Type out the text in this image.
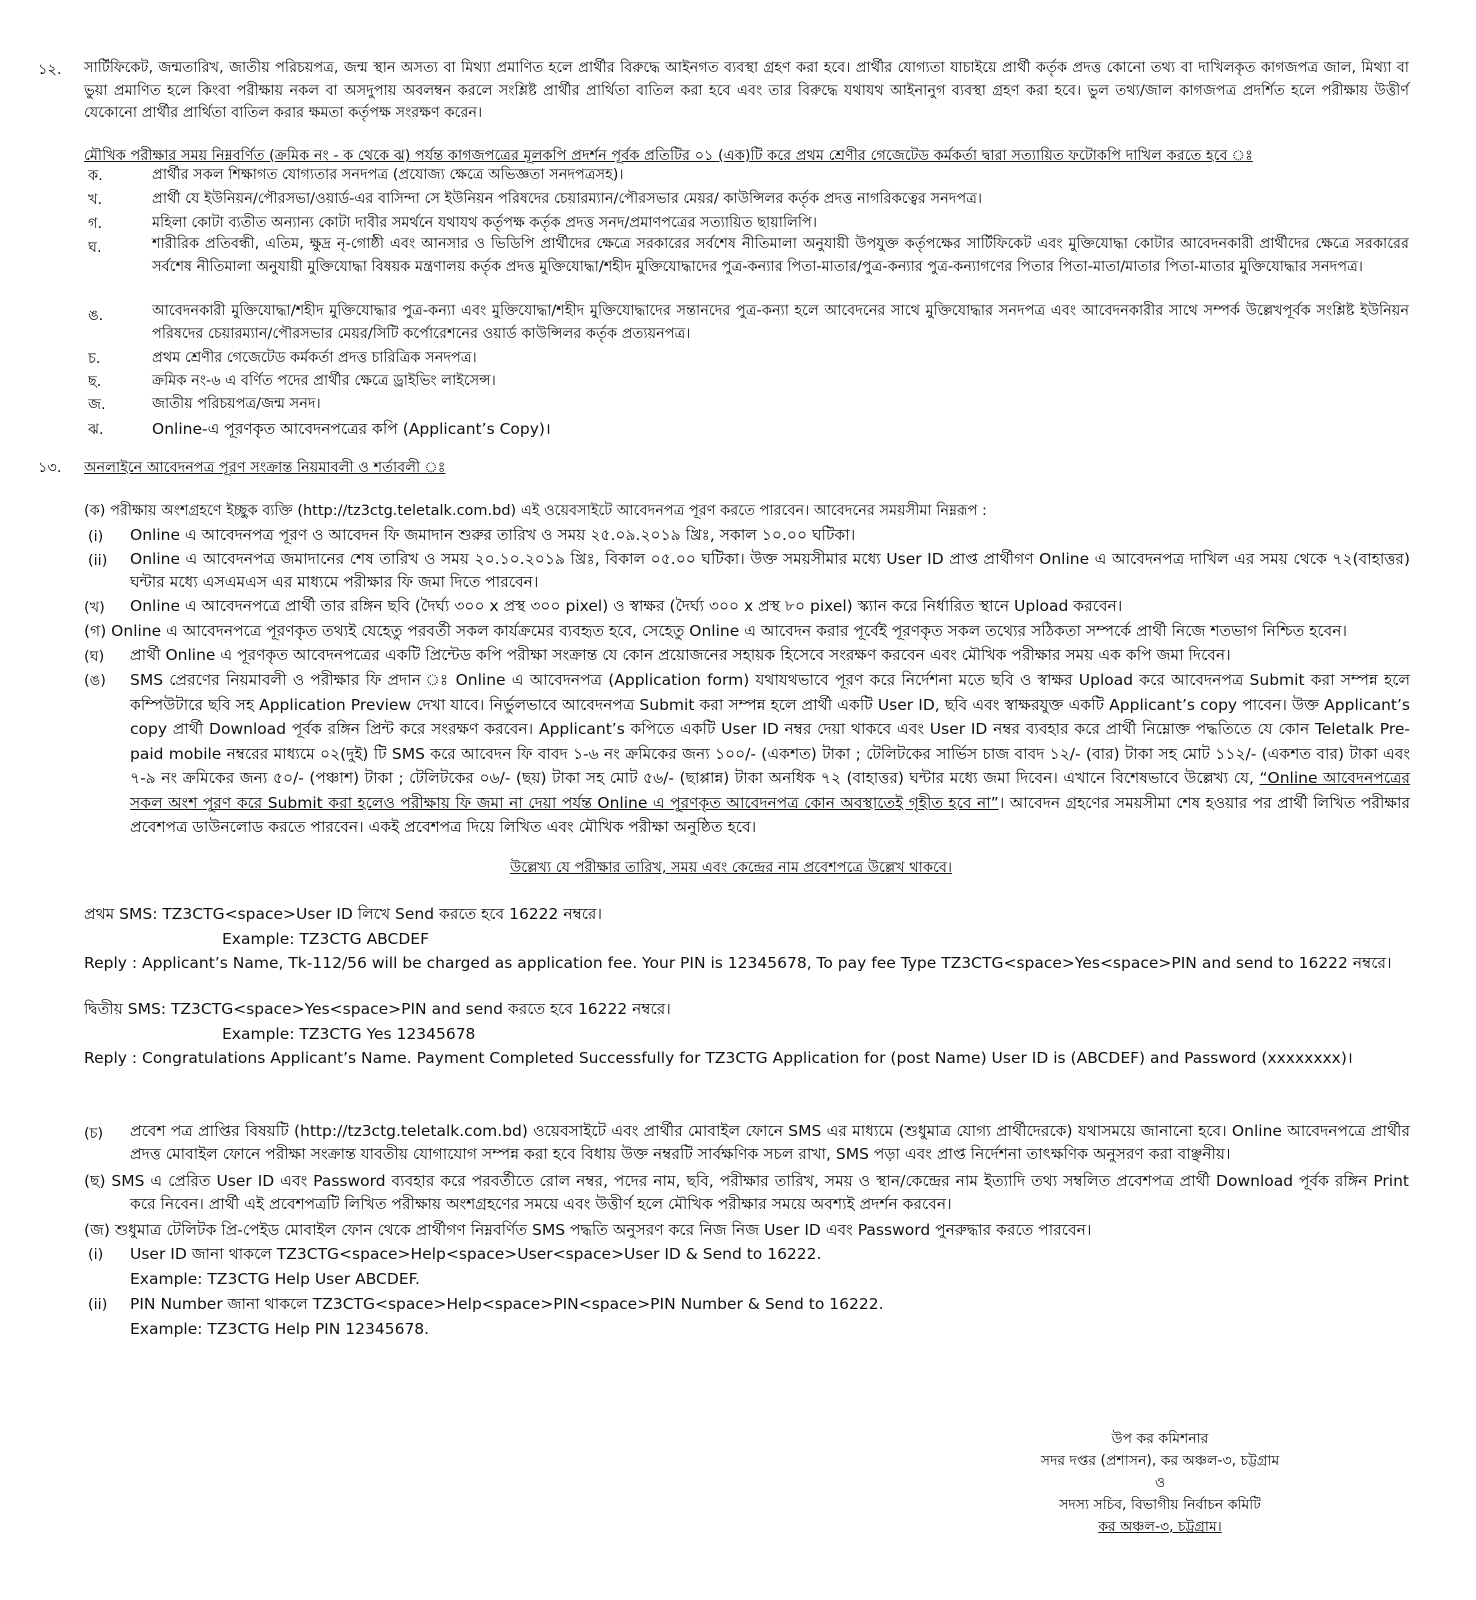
১২. সার্টিফিকেট, জন্মতারিখ, জাতীয় পরিচয়পত্র, জন্ম স্থান অসত্য বা মিথ্যা প্রমাণিত হলে প্রার্থীর বিরুদ্ধে আইনগত ব্যবস্থা গ্রহণ করা হবে। প্রার্থীর যোগ্যতা যাচাইয়ে প্রার্থী কর্তৃক প্রদত্ত কোনো তথ্য বা দাখিলকৃত কাগজপত্র জাল, মিথ্যা বা ভুয়া প্রমাণিত হলে কিংবা পরীক্ষায় নকল বা অসদুপায় অবলম্বন করলে সংশ্লিষ্ট প্রার্থীর প্রার্থিতা বাতিল করা হবে এবং তার বিরুদ্ধে যথাযথ আইনানুগ ব্যবস্থা গ্রহণ করা হবে। ভুল তথ্য/জাল কাগজপত্র প্রদর্শিত হলে পরীক্ষায় উত্তীর্ণ যেকোনো প্রার্থীর প্রার্থিতা বাতিল করার ক্ষমতা কর্তৃপক্ষ সংরক্ষণ করেন।
মৌখিক পরীক্ষার সময় নিম্নবর্ণিত (ক্রমিক নং - ক থেকে ঝ) পর্যন্ত কাগজপত্রের মূলকপি প্রদর্শন পূর্বক প্রতিটির ০১ (এক)টি করে প্রথম শ্রেণীর গেজেটেড কর্মকর্তা দ্বারা সত্যায়িত ফটোকপি দাখিল করতে হবে ঃ
ক.	প্রার্থীর সকল শিক্ষাগত যোগ্যতার সনদপত্র (প্রযোজ্য ক্ষেত্রে অভিজ্ঞতা সনদপত্রসহ)।
খ.	প্রার্থী যে ইউনিয়ন/পৌরসভা/ওয়ার্ড-এর বাসিন্দা সে ইউনিয়ন পরিষদের চেয়ারম্যান/পৌরসভার মেয়র/ কাউন্সিলর কর্তৃক প্রদত্ত নাগরিকত্বের সনদপত্র।
গ.	মহিলা কোটা ব্যতীত অন্যান্য কোটা দাবীর সমর্থনে যথাযথ কর্তৃপক্ষ কর্তৃক প্রদত্ত সনদ/প্রমাণপত্রের সত্যায়িত ছায়ালিপি।
ঘ.	শারীরিক প্রতিবন্ধী, এতিম, ক্ষুদ্র নৃ-গোষ্ঠী এবং আনসার ও ভিডিপি প্রার্থীদের ক্ষেত্রে সরকারের সর্বশেষ নীতিমালা অনুযায়ী উপযুক্ত কর্তৃপক্ষের সার্টিফিকেট এবং মুক্তিযোদ্ধা কোটার আবেদনকারী প্রার্থীদের ক্ষেত্রে সরকারের সর্বশেষ নীতিমালা অনুযায়ী মুক্তিযোদ্ধা বিষয়ক মন্ত্রণালয় কর্তৃক প্রদত্ত মুক্তিযোদ্ধা/শহীদ মুক্তিযোদ্ধাদের পুত্র-কন্যার পিতা-মাতার/পুত্র-কন্যার পুত্র-কন্যাগণের পিতার পিতা-মাতা/মাতার পিতা-মাতার মুক্তিযোদ্ধার সনদপত্র।
ঙ.	আবেদনকারী মুক্তিযোদ্ধা/শহীদ মুক্তিযোদ্ধার পুত্র-কন্যা এবং মুক্তিযোদ্ধা/শহীদ মুক্তিযোদ্ধাদের সন্তানদের পুত্র-কন্যা হলে আবেদনের সাথে মুক্তিযোদ্ধার সনদপত্র এবং আবেদনকারীর সাথে সম্পর্ক উল্লেখপূর্বক সংশ্লিষ্ট ইউনিয়ন পরিষদের চেয়ারম্যান/পৌরসভার মেয়র/সিটি কর্পোরেশনের ওয়ার্ড কাউন্সিলর কর্তৃক প্রত্যয়নপত্র।
চ.	প্রথম শ্রেণীর গেজেটেড কর্মকর্তা প্রদত্ত চারিত্রিক সনদপত্র।
ছ.	ক্রমিক নং-৬ এ বর্ণিত পদের প্রার্থীর ক্ষেত্রে ড্রাইভিং লাইসেন্স।
জ.	জাতীয় পরিচয়পত্র/জন্ম সনদ।
ঝ.	Online-এ পূরণকৃত আবেদনপত্রের কপি (Applicant’s Copy)।
১৩. অনলাইনে আবেদনপত্র পূরণ সংক্রান্ত নিয়মাবলী ও শর্তাবলী ঃ
(ক) পরীক্ষায় অংশগ্রহণে ইচ্ছুক ব্যক্তি (http://tz3ctg.teletalk.com.bd) এই ওয়েবসাইটে আবেদনপত্র পূরণ করতে পারবেন। আবেদনের সময়সীমা নিম্নরূপ :
(i) Online এ আবেদনপত্র পূরণ ও আবেদন ফি জমাদান শুরুর তারিখ ও সময় ২৫.০৯.২০১৯ খ্রিঃ, সকাল ১০.০০ ঘটিকা।
(ii) Online এ আবেদনপত্র জমাদানের শেষ তারিখ ও সময় ২০.১০.২০১৯ খ্রিঃ, বিকাল ০৫.০০ ঘটিকা। উক্ত সময়সীমার মধ্যে User ID প্রাপ্ত প্রার্থীগণ Online এ আবেদনপত্র দাখিল এর সময় থেকে ৭২(বাহাত্তর) ঘন্টার মধ্যে এসএমএস এর মাধ্যমে পরীক্ষার ফি জমা দিতে পারবেন।
(খ) Online এ আবেদনপত্রে প্রার্থী তার রঙ্গিন ছবি (দৈর্ঘ্য ৩০০ x প্রস্থ ৩০০ pixel) ও স্বাক্ষর (দৈর্ঘ্য ৩০০ x প্রস্থ ৮০ pixel) স্ক্যান করে নির্ধারিত স্থানে Upload করবেন।
(গ) Online এ আবেদনপত্রে পূরণকৃত তথ্যই যেহেতু পরবর্তী সকল কার্যক্রমের ব্যবহৃত হবে, সেহেতু Online এ আবেদন করার পূর্বেই পূরণকৃত সকল তথ্যের সঠিকতা সম্পর্কে প্রার্থী নিজে শতভাগ নিশ্চিত হবেন।
(ঘ) প্রার্থী Online এ পূরণকৃত আবেদনপত্রের একটি প্রিন্টেড কপি পরীক্ষা সংক্রান্ত যে কোন প্রয়োজনের সহায়ক হিসেবে সংরক্ষণ করবেন এবং মৌখিক পরীক্ষার সময় এক কপি জমা দিবেন।
(ঙ) SMS প্রেরণের নিয়মাবলী ও পরীক্ষার ফি প্রদান ঃ Online এ আবেদনপত্র (Application form) যথাযথভাবে পূরণ করে নির্দেশনা মতে ছবি ও স্বাক্ষর Upload করে আবেদনপত্র Submit করা সম্পন্ন হলে কম্পিউটারে ছবি সহ Application Preview দেখা যাবে। নির্ভুলভাবে আবেদনপত্র Submit করা সম্পন্ন হলে প্রার্থী একটি User ID, ছবি এবং স্বাক্ষরযুক্ত একটি Applicant’s copy পাবেন। উক্ত Applicant’s copy প্রার্থী Download পূর্বক রঙ্গিন প্রিন্ট করে সংরক্ষণ করবেন। Applicant’s কপিতে একটি User ID নম্বর দেয়া থাকবে এবং User ID নম্বর ব্যবহার করে প্রার্থী নিম্নোক্ত পদ্ধতিতে যে কোন Teletalk Pre-paid mobile নম্বরের মাধ্যমে ০২(দুই) টি SMS করে আবেদন ফি বাবদ ১-৬ নং ক্রমিকের জন্য ১০০/- (একশত) টাকা ; টেলিটকের সার্ভিস চাজ বাবদ ১২/- (বার) টাকা সহ মোট ১১২/- (একশত বার) টাকা এবং ৭-৯ নং ক্রমিকের জন্য ৫০/- (পঞ্চাশ) টাকা ; টেলিটকের ০৬/- (ছয়) টাকা সহ মোট ৫৬/- (ছাপ্পান্ন) টাকা অনধিক ৭২ (বাহাত্তর) ঘন্টার মধ্যে জমা দিবেন। এখানে বিশেষভাবে উল্লেখ্য যে, “Online আবেদনপত্রের সকল অংশ পূরণ করে Submit করা হলেও পরীক্ষায় ফি জমা না দেয়া পর্যন্ত Online এ পূরণকৃত আবেদনপত্র কোন অবস্থাতেই গৃহীত হবে না”। আবেদন গ্রহণের সময়সীমা শেষ হওয়ার পর প্রার্থী লিখিত পরীক্ষার প্রবেশপত্র ডাউনলোড করতে পারবেন। একই প্রবেশপত্র দিয়ে লিখিত এবং মৌখিক পরীক্ষা অনুষ্ঠিত হবে।
উল্লেখ্য যে পরীক্ষার তারিখ, সময় এবং কেন্দ্রের নাম প্রবেশপত্রে উল্লেখ থাকবে।
প্রথম SMS: TZ3CTG<space>User ID লিখে Send করতে হবে 16222 নম্বরে।
Example: TZ3CTG ABCDEF
Reply : Applicant’s Name, Tk-112/56 will be charged as application fee. Your PIN is 12345678, To pay fee Type TZ3CTG<space>Yes<space>PIN and send to 16222 নম্বরে।
দ্বিতীয় SMS: TZ3CTG<space>Yes<space>PIN and send করতে হবে 16222 নম্বরে।
Example: TZ3CTG Yes 12345678
Reply : Congratulations Applicant’s Name. Payment Completed Successfully for TZ3CTG Application for (post Name) User ID is (ABCDEF) and Password (xxxxxxxx)।
(চ) প্রবেশ পত্র প্রাপ্তির বিষয়টি (http://tz3ctg.teletalk.com.bd) ওয়েবসাইটে এবং প্রার্থীর মোবাইল ফোনে SMS এর মাধ্যমে (শুধুমাত্র যোগ্য প্রার্থীদেরকে) যথাসময়ে জানানো হবে। Online আবেদনপত্রে প্রার্থীর প্রদত্ত মোবাইল ফোনে পরীক্ষা সংক্রান্ত যাবতীয় যোগাযোগ সম্পন্ন করা হবে বিধায় উক্ত নম্বরটি সার্বক্ষণিক সচল রাখা, SMS পড়া এবং প্রাপ্ত নির্দেশনা তাৎক্ষণিক অনুসরণ করা বাঞ্ছনীয়।
(ছ) SMS এ প্রেরিত User ID এবং Password ব্যবহার করে পরবর্তীতে রোল নম্বর, পদের নাম, ছবি, পরীক্ষার তারিখ, সময় ও স্থান/কেন্দ্রের নাম ইত্যাদি তথ্য সম্বলিত প্রবেশপত্র প্রার্থী Download পূর্বক রঙ্গিন Print করে নিবেন। প্রার্থী এই প্রবেশপত্রটি লিখিত পরীক্ষায় অংশগ্রহণের সময়ে এবং উত্তীর্ণ হলে মৌখিক পরীক্ষার সময়ে অবশ্যই প্রদর্শন করবেন।
(জ) শুধুমাত্র টেলিটক প্রি-পেইড মোবাইল ফোন থেকে প্রার্থীগণ নিম্নবর্ণিত SMS পদ্ধতি অনুসরণ করে নিজ নিজ User ID এবং Password পুনরুদ্ধার করতে পারবেন।
(i) User ID জানা থাকলে TZ3CTG<space>Help<space>User<space>User ID & Send to 16222.
Example: TZ3CTG Help User ABCDEF.
(ii) PIN Number জানা থাকলে TZ3CTG<space>Help<space>PIN<space>PIN Number & Send to 16222.
Example: TZ3CTG Help PIN 12345678.
উপ কর কমিশনার
সদর দপ্তর (প্রশাসন), কর অঞ্চল-৩, চট্টগ্রাম
ও
সদস্য সচিব, বিভাগীয় নির্বাচন কমিটি
কর অঞ্চল-৩, চট্টগ্রাম।
